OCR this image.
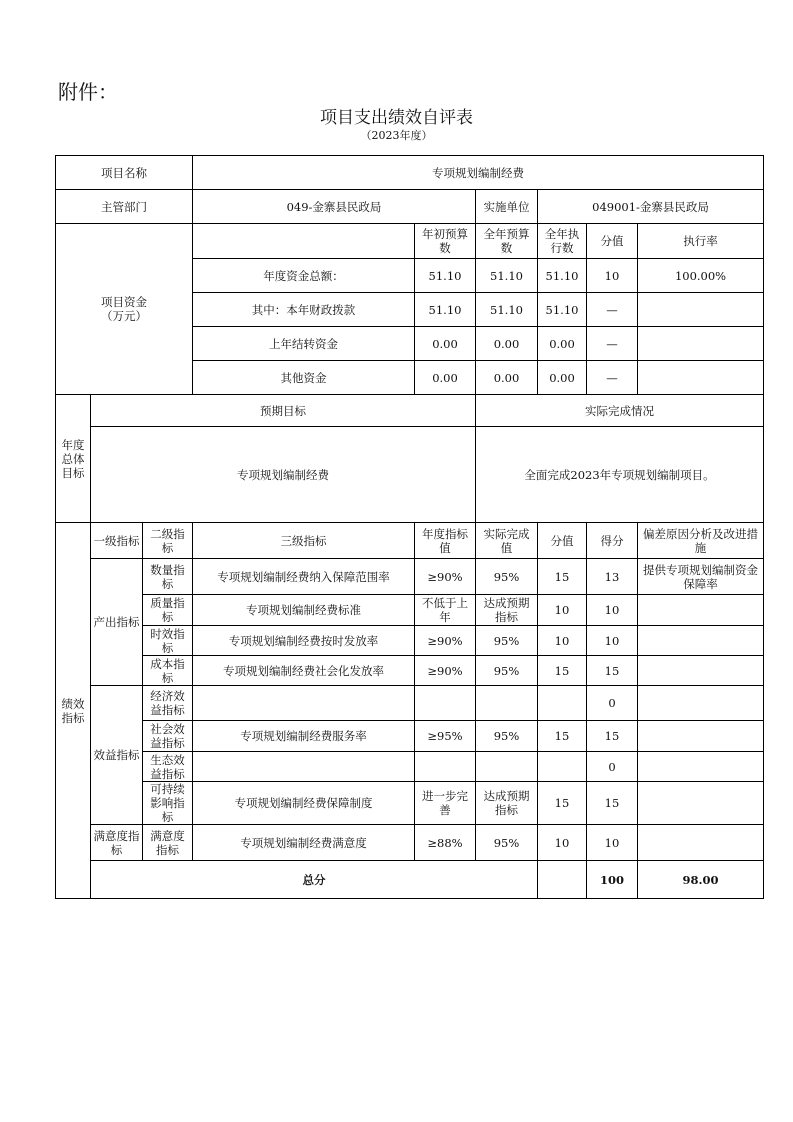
附件：
项目支出绩效自评表
（2023年度）
项目名称			专项规划编制经费						
主管部门			049-金寨县民政局		实施单位	049001-金寨县民政局			

项目资金
（万元）				年初预算数	全年预算数	全年执行数	分值	执行率	
			年度资金总额：	51.10	51.10	51.10	10	100.00%	
			其中：本年财政拨款	51.10	51.10	51.10	—		
			上年结转资金	0.00	0.00	0.00	—		
			其他资金	0.00	0.00	0.00	—		
年度总体目标	预期目标				实际完成情况				
	专项规划编制经费				全面完成2023年专项规划编制项目。				
绩效指标	一级指标	二级指标	三级指标	年度指标值	实际完成值	分值	得分	偏差原因分析及改进措施	
	产出指标	数量指标	专项规划编制经费纳入保障范围率	≥90%	95%	15	13	提供专项规划编制资金保障率	
		质量指标	专项规划编制经费标准	不低于上年	达成预期指标	10	10		
		时效指标	专项规划编制经费按时发放率	≥90%	95%	10	10		
		成本指标	专项规划编制经费社会化发放率	≥90%	95%	15	15		
	效益指标	经济效益指标					0		
		社会效益指标	专项规划编制经费服务率	≥95%	95%	15	15		
		生态效益指标					0		
		可持续影响指标	专项规划编制经费保障制度	进一步完善	达成预期指标	15	15		
	满意度指标	满意度指标	专项规划编制经费满意度	≥88%	95%	10	10		
	总分						100	98.00	
